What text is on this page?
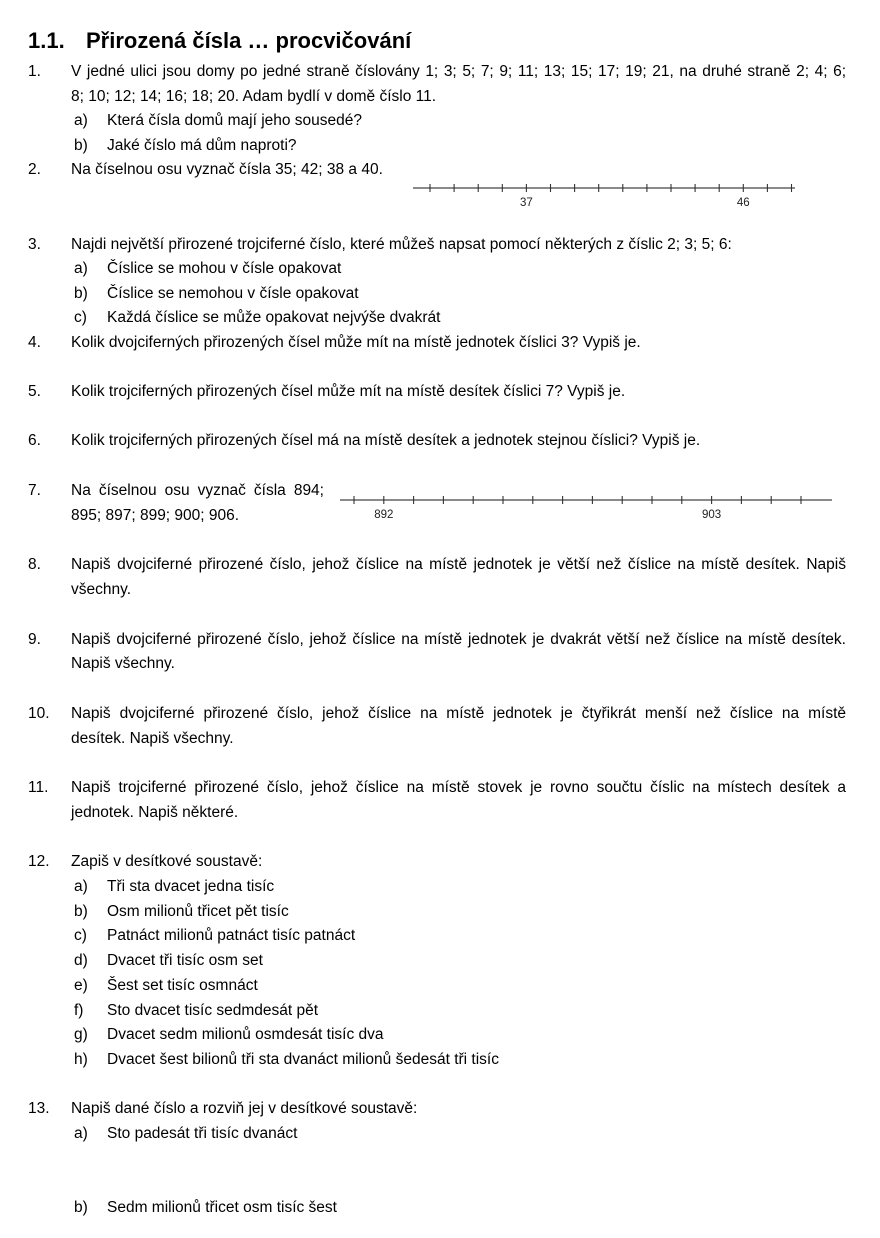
1.1. Přirozená čísla … procvičování
1. V jedné ulici jsou domy po jedné straně číslovány 1; 3; 5; 7; 9; 11; 13; 15; 17; 19; 21, na druhé straně 2; 4; 6;
8; 10; 12; 14; 16; 18; 20. Adam bydlí v domě číslo 11.
a) Která čísla domů mají jeho sousedé?
b) Jaké číslo má dům naproti?
2. Na číselnou osu vyznač čísla 35; 42; 38 a 40.
37	46
3. Najdi největší přirozené trojciferné číslo, které můžeš napsat pomocí některých z číslic 2; 3; 5; 6:
a) Číslice se mohou v čísle opakovat
b) Číslice se nemohou v čísle opakovat
c) Každá číslice se může opakovat nejvýše dvakrát
4. Kolik dvojciferných přirozených čísel může mít na místě jednotek číslici 3? Vypiš je.
5. Kolik trojciferných přirozených čísel může mít na místě desítek číslici 7? Vypiš je.
6. Kolik trojciferných přirozených čísel má na místě desítek a jednotek stejnou číslici? Vypiš je.
7. Na číselnou osu vyznač čísla 894;
895; 897; 899; 900; 906.	892	903
8. Napiš dvojciferné přirozené číslo, jehož číslice na místě jednotek je větší než číslice na místě desítek. Napiš
všechny.
9. Napiš dvojciferné přirozené číslo, jehož číslice na místě jednotek je dvakrát větší než číslice na místě desítek.
Napiš všechny.
10. Napiš dvojciferné přirozené číslo, jehož číslice na místě jednotek je čtyřikrát menší než číslice na místě
desítek. Napiš všechny.
11. Napiš trojciferné přirozené číslo, jehož číslice na místě stovek je rovno součtu číslic na místech desítek a
jednotek. Napiš některé.
12. Zapiš v desítkové soustavě:
a) Tři sta dvacet jedna tisíc
b) Osm milionů třicet pět tisíc
c) Patnáct milionů patnáct tisíc patnáct
d) Dvacet tři tisíc osm set
e) Šest set tisíc osmnáct
f) Sto dvacet tisíc sedmdesát pět
g) Dvacet sedm milionů osmdesát tisíc dva
h) Dvacet šest bilionů tři sta dvanáct milionů šedesát tři tisíc
13. Napiš dané číslo a rozviň jej v desítkové soustavě:
a) Sto padesát tři tisíc dvanáct
b) Sedm milionů třicet osm tisíc šest
